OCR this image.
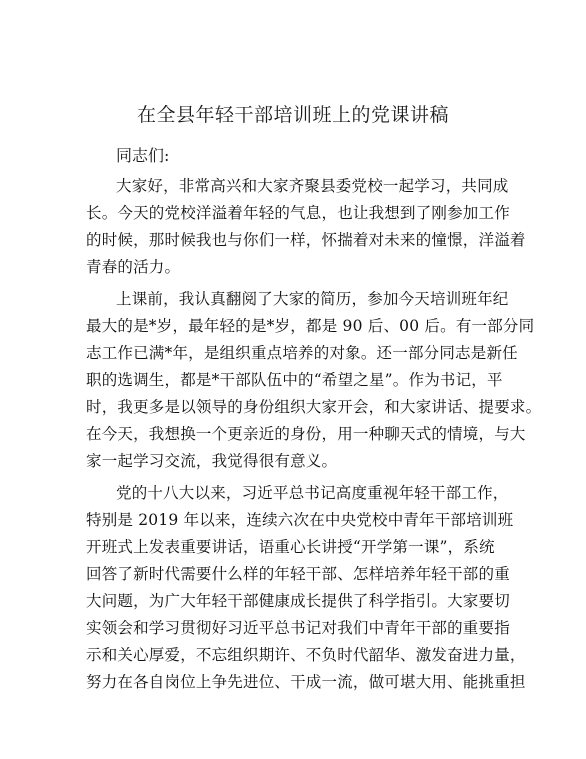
在全县年轻干部培训班上的党课讲稿
同志们:
大家好，非常高兴和大家齐聚县委党校一起学习，共同成
长。今天的党校洋溢着年轻的气息，也让我想到了刚参加工作
的时候，那时候我也与你们一样，怀揣着对未来的憧憬，洋溢着
青春的活力。
上课前，我认真翻阅了大家的简历，参加今天培训班年纪
最大的是*岁，最年轻的是*岁，都是 90 后、00 后。有一部分同
志工作已满*年，是组织重点培养的对象。还一部分同志是新任
职的选调生，都是*干部队伍中的“希望之星”。作为书记，平
时，我更多是以领导的身份组织大家开会，和大家讲话、提要求。
在今天，我想换一个更亲近的身份，用一种聊天式的情境，与大
家一起学习交流，我觉得很有意义。
党的十八大以来，习近平总书记高度重视年轻干部工作，
特别是 2019 年以来，连续六次在中央党校中青年干部培训班
开班式上发表重要讲话，语重心长讲授“开学第一课”，系统
回答了新时代需要什么样的年轻干部、怎样培养年轻干部的重
大问题，为广大年轻干部健康成长提供了科学指引。大家要切
实领会和学习贯彻好习近平总书记对我们中青年干部的重要指
示和关心厚爱，不忘组织期许、不负时代韶华、激发奋进力量，
努力在各自岗位上争先进位、干成一流，做可堪大用、能挑重担
